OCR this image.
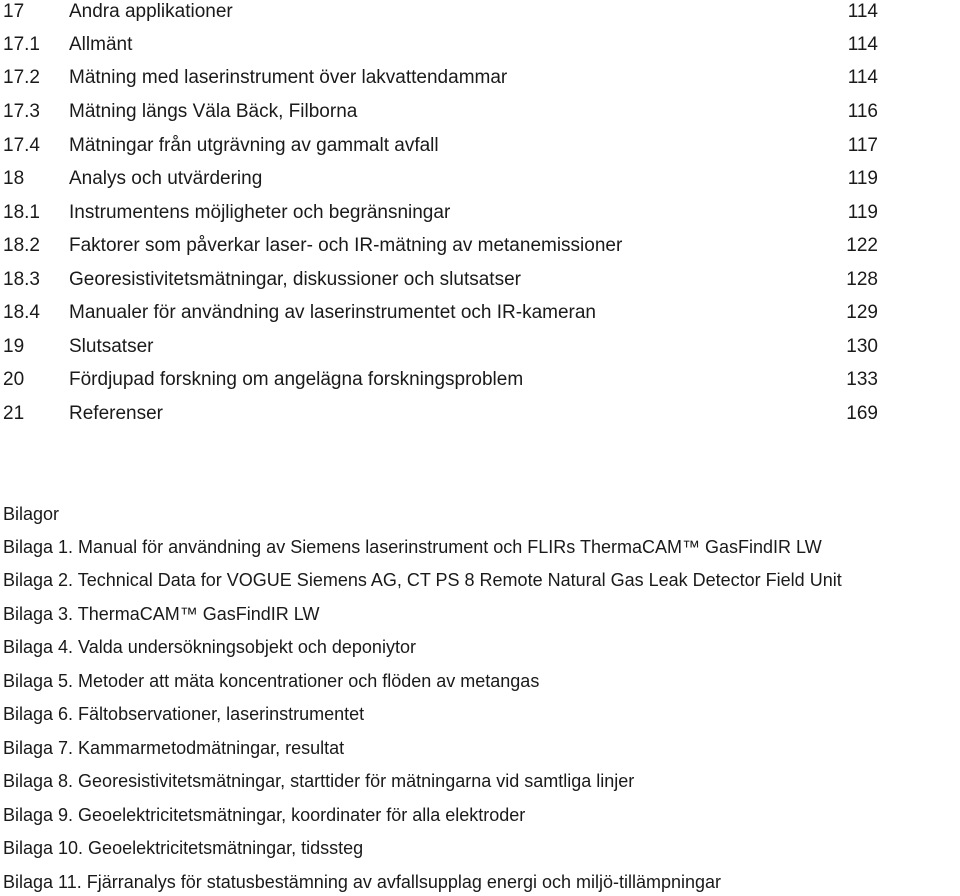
17 Andra applikationer	114
17.1 Allmänt	114
17.2 Mätning med laserinstrument över lakvattendammar	114
17.3 Mätning längs Väla Bäck, Filborna	116
17.4 Mätningar från utgrävning av gammalt avfall	117
18 Analys och utvärdering	119
18.1 Instrumentens möjligheter och begränsningar	119
18.2 Faktorer som påverkar laser- och IR-mätning av metanemissioner	122
18.3 Georesistivitetsmätningar, diskussioner och slutsatser	128
18.4 Manualer för användning av laserinstrumentet och IR-kameran	129
19 Slutsatser	130
20 Fördjupad forskning om angelägna forskningsproblem	133
21 Referenser	169
Bilagor
Bilaga 1. Manual för användning av Siemens laserinstrument och FLIRs ThermaCAM™ GasFindIR LW
Bilaga 2. Technical Data for VOGUE Siemens AG, CT PS 8 Remote Natural Gas Leak Detector Field Unit
Bilaga 3. ThermaCAM™ GasFindIR LW
Bilaga 4. Valda undersökningsobjekt och deponiytor
Bilaga 5. Metoder att mäta koncentrationer och flöden av metangas
Bilaga 6. Fältobservationer, laserinstrumentet
Bilaga 7. Kammarmetodmätningar, resultat
Bilaga 8. Georesistivitetsmätningar, starttider för mätningarna vid samtliga linjer
Bilaga 9. Geoelektricitetsmätningar, koordinater för alla elektroder
Bilaga 10. Geoelektricitetsmätningar, tidssteg
Bilaga 11. Fjärranalys för statusbestämning av avfallsupplag energi och miljö-tillämpningar
